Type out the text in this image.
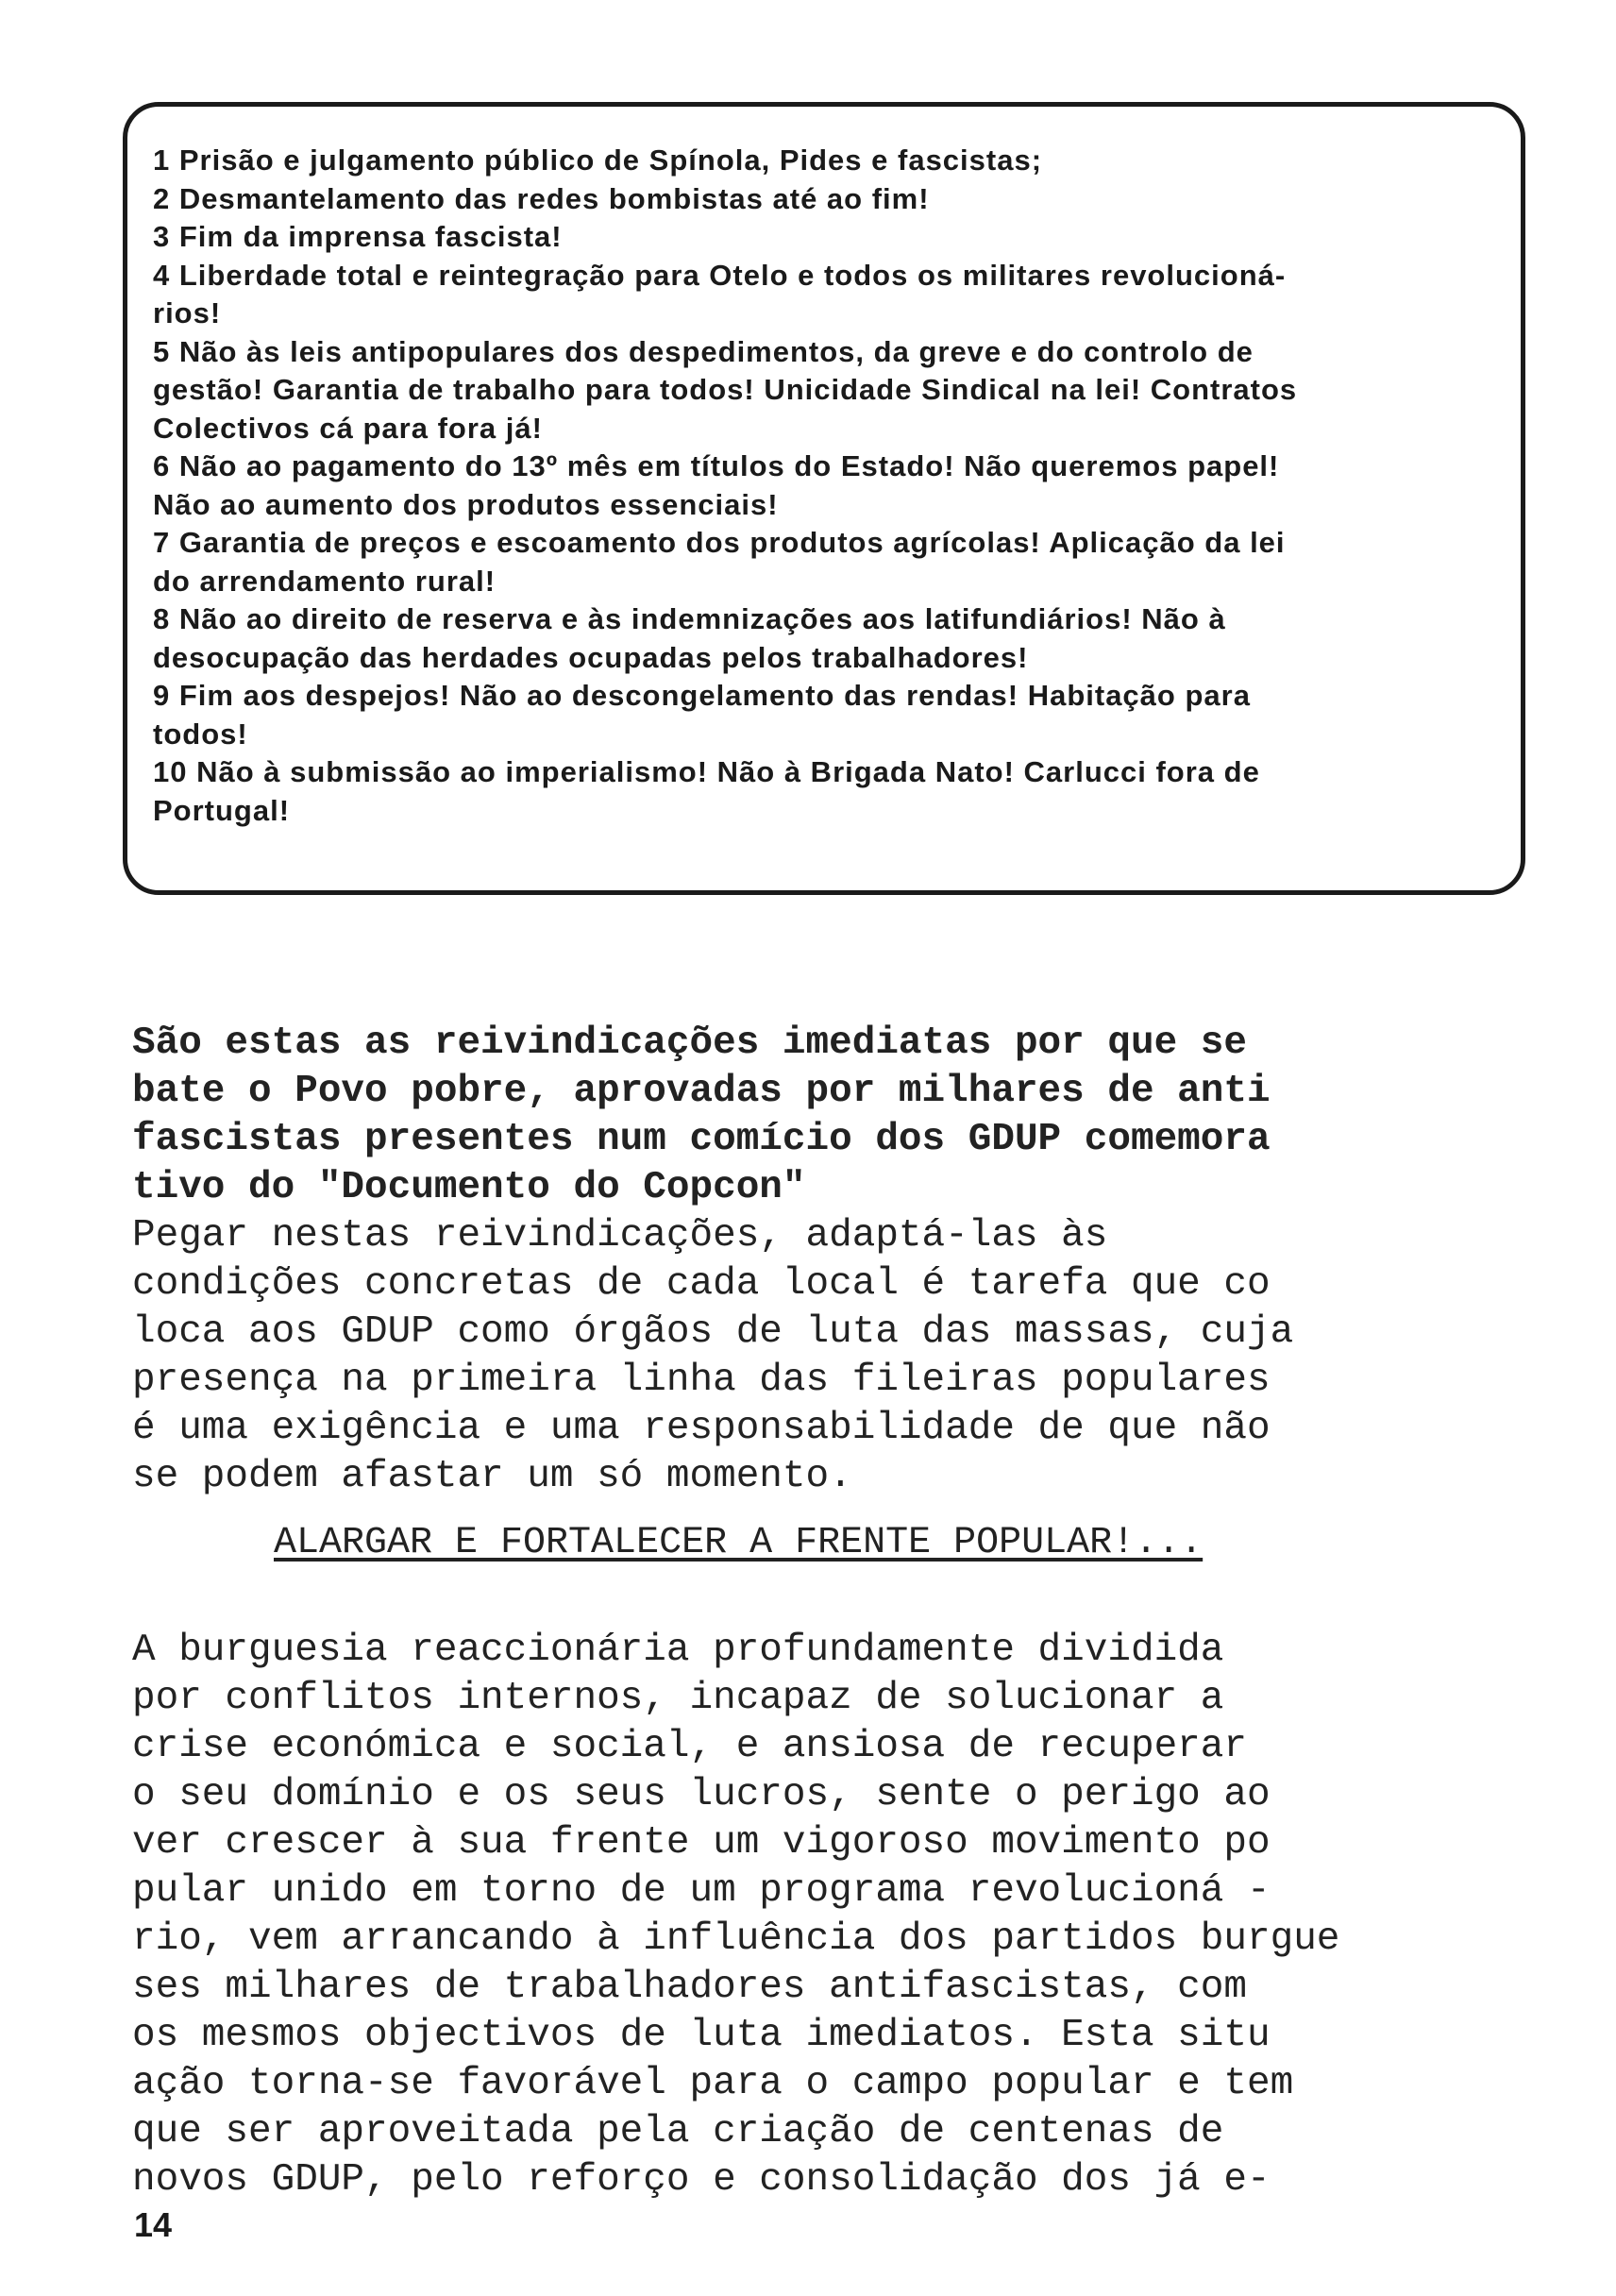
1 Prisão e julgamento público de Spínola, Pides e fascistas;

2 Desmantelamento das redes bombistas até ao fim!

3 Fim da imprensa fascista!

4 Liberdade total e reintegração para Otelo e todos os militares revolucioná-
rios!

5 Não às leis antipopulares dos despedimentos, da greve e do controlo de
gestão! Garantia de trabalho para todos! Unicidade Sindical na lei! Contratos
Colectivos cá para fora já!

6 Não ao pagamento do 13º mês em títulos do Estado! Não queremos papel!
Não ao aumento dos produtos essenciais!

7 Garantia de preços e escoamento dos produtos agrícolas! Aplicação da lei
do arrendamento rural!

8 Não ao direito de reserva e às indemnizações aos latifundiários! Não à
desocupação das herdades ocupadas pelos trabalhadores!

9 Fim aos despejos! Não ao descongelamento das rendas! Habitação para
todos!

10 Não à submissão ao imperialismo! Não à Brigada Nato! Carlucci fora de
Portugal!

São estas as reivindicações imediatas por que se
bate o Povo pobre, aprovadas por milhares de anti
fascistas presentes num comício dos GDUP comemora
tivo do "Documento do Copcon"

Pegar nestas reivindicações, adaptá-las às
condições concretas de cada local é tarefa que co
loca aos GDUP como órgãos de luta das massas, cuja
presença na primeira linha das fileiras populares
é uma exigência e uma responsabilidade de que não
se podem afastar um só momento.

ALARGAR E FORTALECER A FRENTE POPULAR!...

A burguesia reaccionária profundamente dividida
por conflitos internos, incapaz de solucionar a
crise económica e social, e ansiosa de recuperar
o seu domínio e os seus lucros, sente o perigo ao
ver crescer à sua frente um vigoroso movimento po
pular unido em torno de um programa revolucioná -
rio, vem arrancando à influência dos partidos burgue
ses milhares de trabalhadores antifascistas, com
os mesmos objectivos de luta imediatos. Esta situ
ação torna-se favorável para o campo popular e tem
que ser aproveitada pela criação de centenas de
novos GDUP, pelo reforço e consolidação dos já e-

14
